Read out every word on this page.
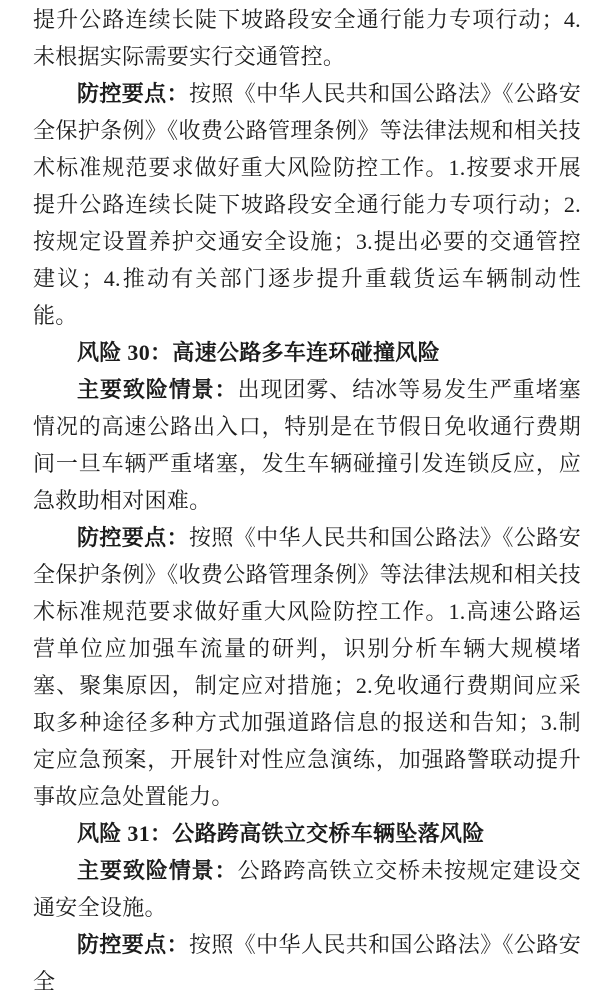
提升公路连续长陡下坡路段安全通行能力专项行动；4.未根据实际需要实行交通管控。

防控要点：按照《中华人民共和国公路法》《公路安全保护条例》《收费公路管理条例》等法律法规和相关技术标准规范要求做好重大风险防控工作。1.按要求开展提升公路连续长陡下坡路段安全通行能力专项行动；2.按规定设置养护交通安全设施；3.提出必要的交通管控建议；4.推动有关部门逐步提升重载货运车辆制动性能。

风险 30：高速公路多车连环碰撞风险

主要致险情景：出现团雾、结冰等易发生严重堵塞情况的高速公路出入口，特别是在节假日免收通行费期间一旦车辆严重堵塞，发生车辆碰撞引发连锁反应，应急救助相对困难。

防控要点：按照《中华人民共和国公路法》《公路安全保护条例》《收费公路管理条例》等法律法规和相关技术标准规范要求做好重大风险防控工作。1.高速公路运营单位应加强车流量的研判，识别分析车辆大规模堵塞、聚集原因，制定应对措施；2.免收通行费期间应采取多种途径多种方式加强道路信息的报送和告知；3.制定应急预案，开展针对性应急演练，加强路警联动提升事故应急处置能力。

风险 31：公路跨高铁立交桥车辆坠落风险

主要致险情景：公路跨高铁立交桥未按规定建设交通安全设施。

防控要点：按照《中华人民共和国公路法》《公路安全
